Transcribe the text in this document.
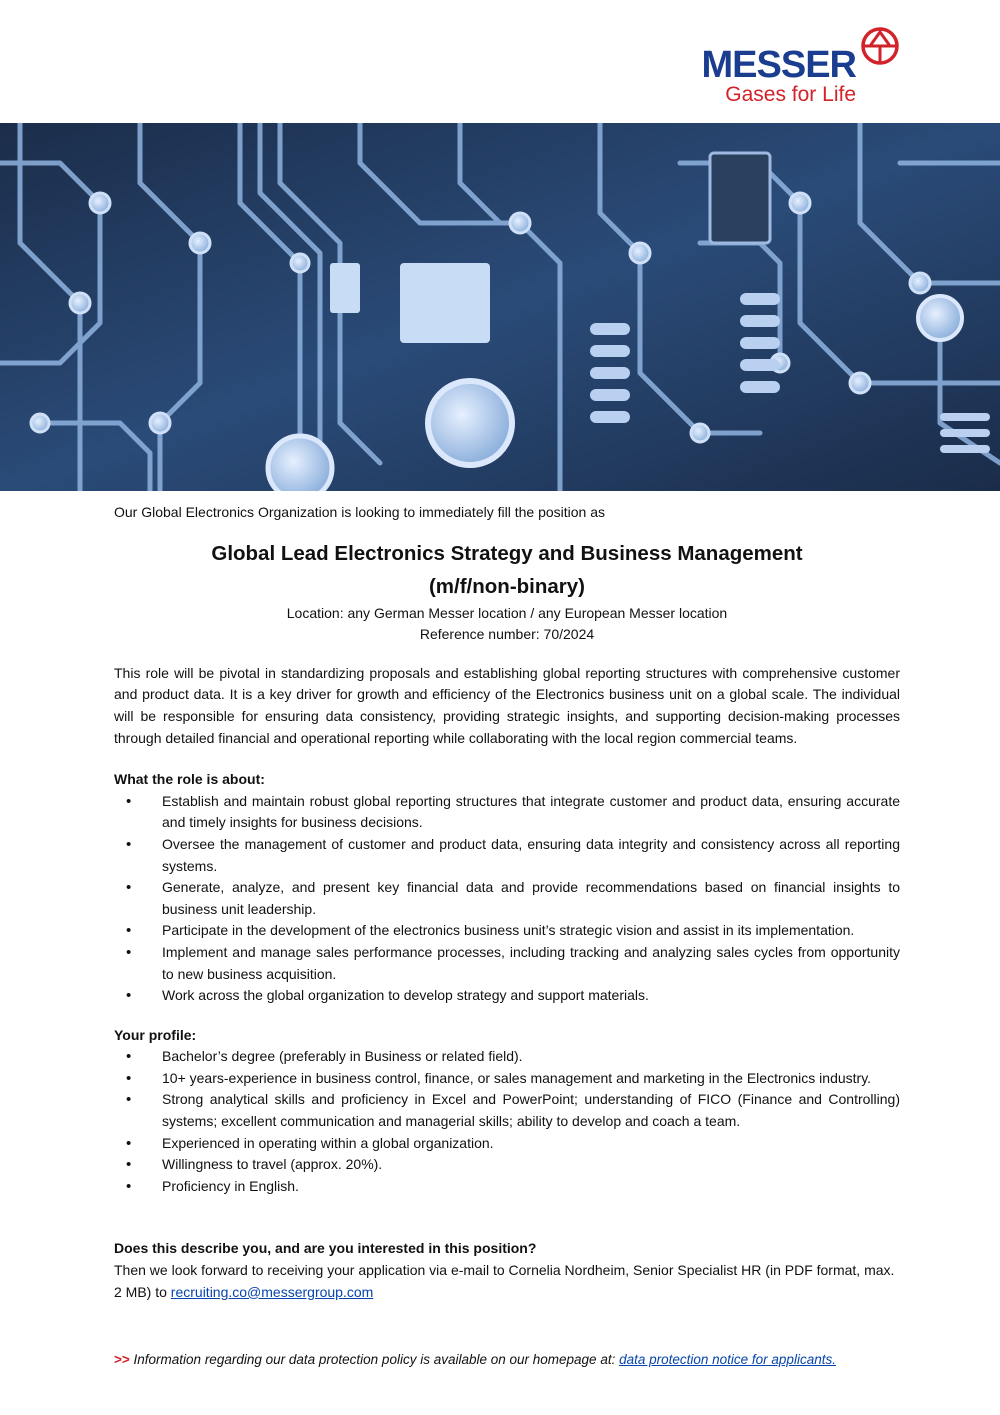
MESSER
Gases for Life

Our Global Electronics Organization is looking to immediately fill the position as

Global Lead Electronics Strategy and Business Management
(m/f/non-binary)

Location: any German Messer location / any European Messer location

Reference number: 70/2024

This role will be pivotal in standardizing proposals and establishing global reporting structures with comprehensive customer and product data. It is a key driver for growth and efficiency of the Electronics business unit on a global scale. The individual will be responsible for ensuring data consistency, providing strategic insights, and supporting decision-making processes through detailed financial and operational reporting while collaborating with the local region commercial teams.

What the role is about:
• Establish and maintain robust global reporting structures that integrate customer and product data, ensuring accurate and timely insights for business decisions.
• Oversee the management of customer and product data, ensuring data integrity and consistency across all reporting systems.
• Generate, analyze, and present key financial data and provide recommendations based on financial insights to business unit leadership.
• Participate in the development of the electronics business unit’s strategic vision and assist in its implementation.
• Implement and manage sales performance processes, including tracking and analyzing sales cycles from opportunity to new business acquisition.
• Work across the global organization to develop strategy and support materials.
Your profile:
• Bachelor’s degree (preferably in Business or related field).
• 10+ years-experience in business control, finance, or sales management and marketing in the Electronics industry.
• Strong analytical skills and proficiency in Excel and PowerPoint; understanding of FICO (Finance and Controlling) systems; excellent communication and managerial skills; ability to develop and coach a team.
• Experienced in operating within a global organization.
• Willingness to travel (approx. 20%).
• Proficiency in English.
Does this describe you, and are you interested in this position?

Then we look forward to receiving your application via e-mail to Cornelia Nordheim, Senior Specialist HR (in PDF format, max. 2 MB) to recruiting.co@messergroup.com

>> Information regarding our data protection policy is available on our homepage at: data protection notice for applicants.
